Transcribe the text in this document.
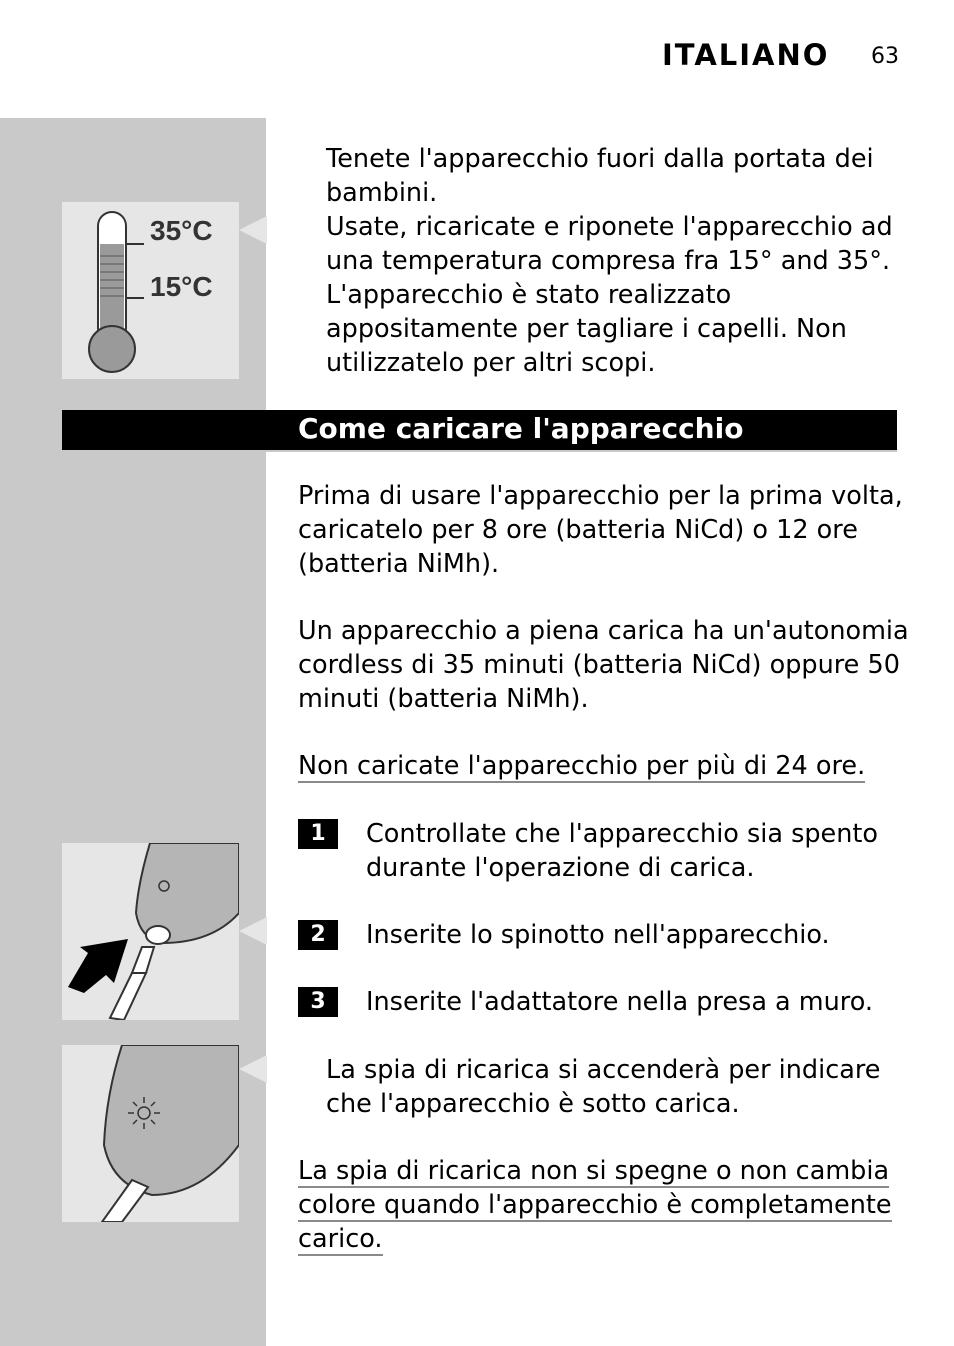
ITALIANO 63
35°C
15°C
Tenete l'apparecchio fuori dalla portata dei
bambini.
Usate, ricaricate e riponete l'apparecchio ad
una temperatura compresa fra 15° and 35°.
L'apparecchio è stato realizzato
appositamente per tagliare i capelli. Non
utilizzatelo per altri scopi.
Come caricare l'apparecchio
Prima di usare l'apparecchio per la prima volta,
caricatelo per 8 ore (batteria NiCd) o 12 ore
(batteria NiMh).
Un apparecchio a piena carica ha un'autonomia
cordless di 35 minuti (batteria NiCd) oppure 50
minuti (batteria NiMh).
Non caricate l'apparecchio per più di 24 ore.
1	Controllate che l'apparecchio sia spento
durante l'operazione di carica.
2	Inserite lo spinotto nell'apparecchio.
3	Inserite l'adattatore nella presa a muro.
La spia di ricarica si accenderà per indicare
che l'apparecchio è sotto carica.
La spia di ricarica non si spegne o non cambia
colore quando l'apparecchio è completamente
carico.
